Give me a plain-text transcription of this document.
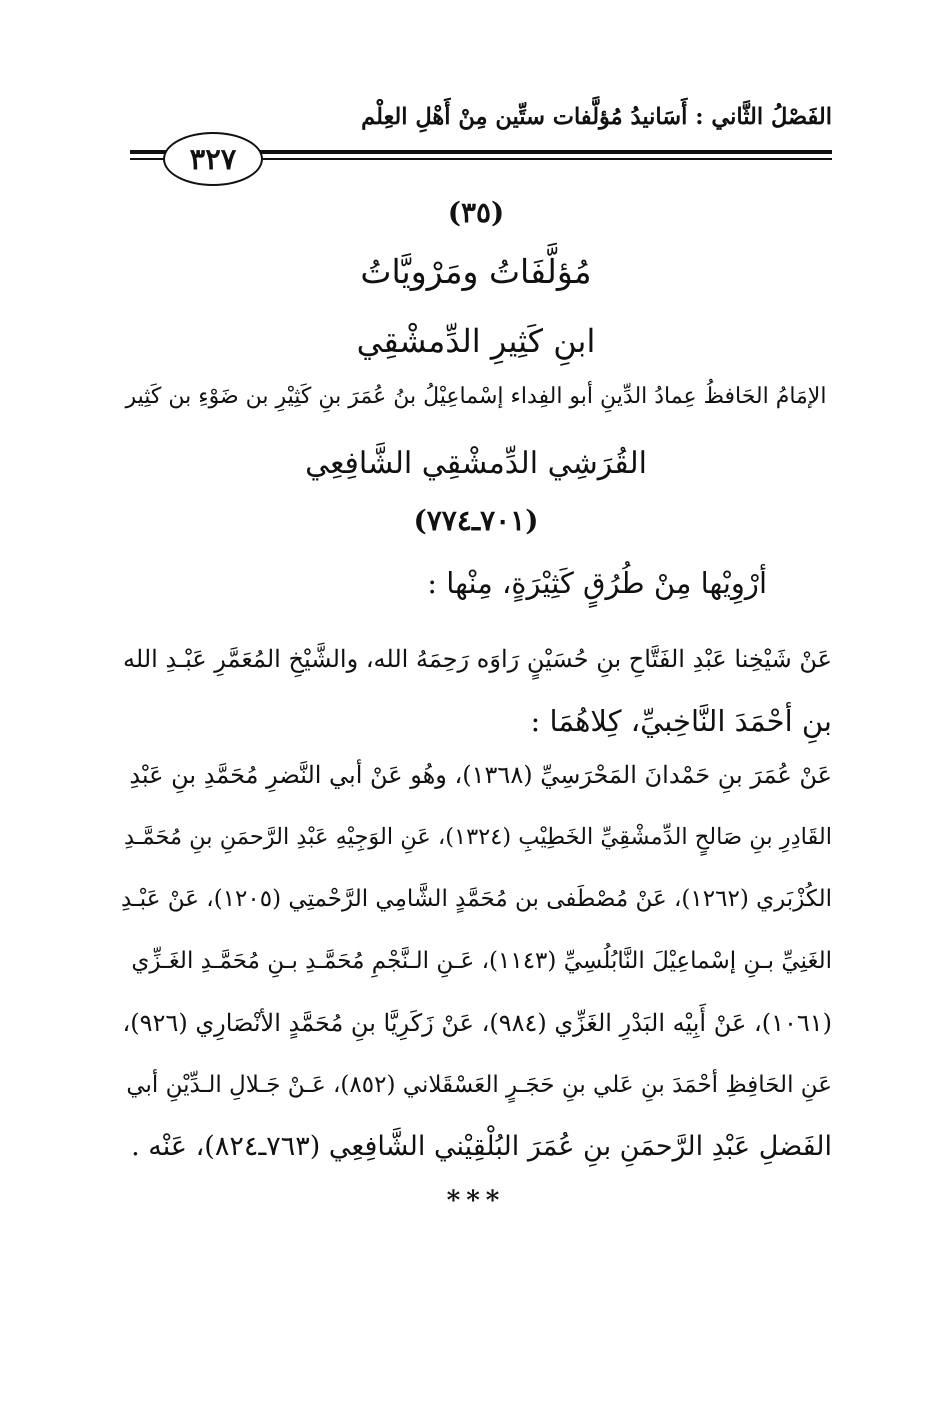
الفَصْلُ الثَّاني : أَسَانيدُ مُؤلَّفات ستِّين مِنْ أَهْلِ العِلْم
٣٢٧
(٣٥)
مُؤلَّفَاتُ ومَرْويَّاتُ
ابنِ كَثِيرِ الدِّمشْقِي
الإمَامُ الحَافظُ عِمادُ الدِّينِ أبو الفِداء إسْماعِيْلُ بنُ عُمَرَ بنِ كَثِيْرِ بن ضَوْءِ بن كَثِير
القُرَشِي الدِّمشْقِي الشَّافِعِي
(٧٠١ـ٧٧٤)
أرْوِيْها مِنْ طُرُقٍ كَثِيْرَةٍ، مِنْها :
عَنْ شَيْخِنا عَبْدِ الفَتَّاحِ بنِ حُسَيْنٍ رَاوَه رَحِمَهُ الله، والشَّيْخِ المُعَمَّرِ عَبْـدِ الله
بنِ أحْمَدَ النَّاخِبيِّ، كِلاهُمَا :
عَنْ عُمَرَ بنِ حَمْدانَ المَحْرَسِيِّ (١٣٦٨)، وهُو عَنْ أبي النَّضرِ مُحَمَّدِ بنِ عَبْدِ
القَادِرِ بنِ صَالحٍ الدِّمشْقِيِّ الخَطِيْبِ (١٣٢٤)، عَنِ الوَجِيْهِ عَبْدِ الرَّحمَنِ بنِ مُحَمَّـدِ
الكُزْبَري (١٢٦٢)، عَنْ مُصْطَفى بن مُحَمَّدٍ الشَّامِي الرَّحْمتِي (١٢٠٥)، عَنْ عَبْـدِ
الغَنِيِّ بـنِ إسْماعِيْلَ النَّابُلُسِيِّ (١١٤٣)، عَـنِ الـنَّجْمِ مُحَمَّـدِ بـنِ مُحَمَّـدِ الغَـزِّي
(١٠٦١)، عَنْ أَبِيْه البَدْرِ الغَزِّي (٩٨٤)، عَنْ زَكَرِيَّا بنِ مُحَمَّدٍ الأنْصَارِي (٩٢٦)،
عَنِ الحَافِظِ أحْمَدَ بنِ عَلي بنِ حَجَـرٍ العَسْقَلاني (٨٥٢)، عَـنْ جَـلالِ الـدِّيْنِ أبي
الفَضلِ عَبْدِ الرَّحمَنِ بنِ عُمَرَ البُلْقِيْني الشَّافِعِي (٧٦٣ـ٨٢٤)، عَنْه .
***
